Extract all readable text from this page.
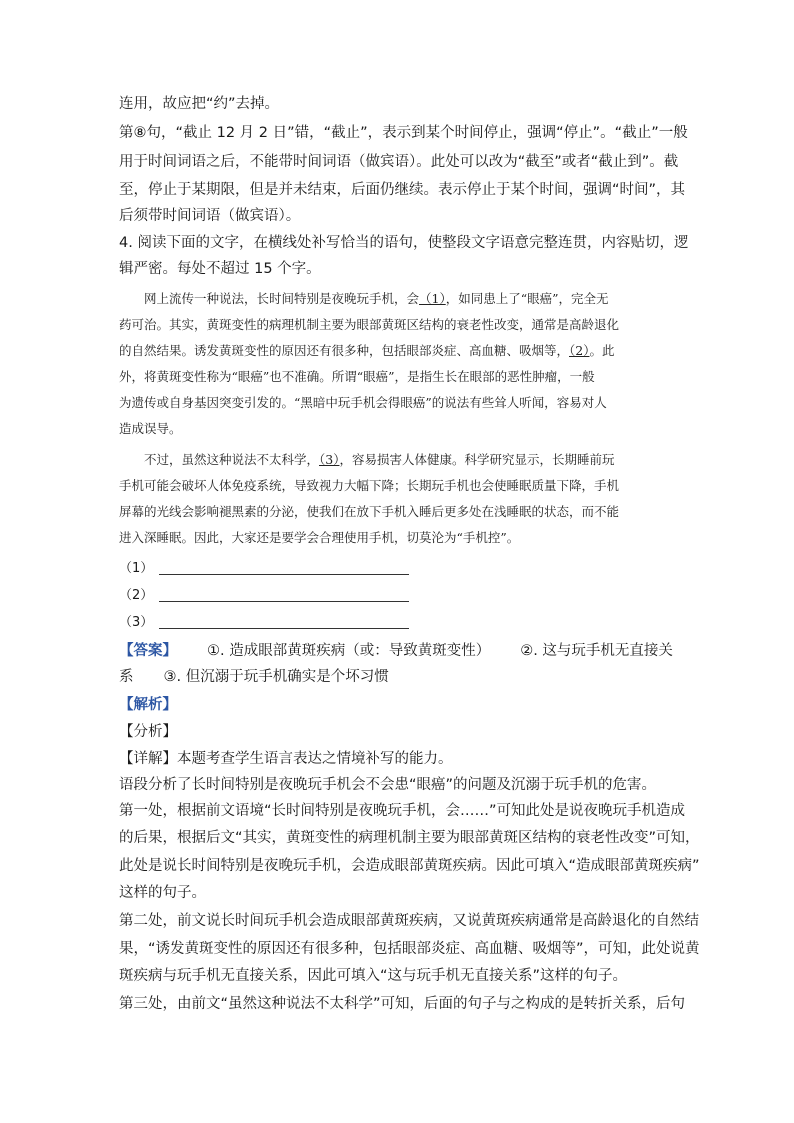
连用，故应把“约”去掉。
第⑧句，“截止 12 月 2 日”错，“截止”，表示到某个时间停止，强调“停止”。“截止”一般
用于时间词语之后，不能带时间词语（做宾语）。此处可以改为“截至”或者“截止到”。截
至，停止于某期限，但是并未结束，后面仍继续。表示停止于某个时间，强调“时间”，其
后须带时间词语（做宾语）。
4. 阅读下面的文字，在横线处补写恰当的语句，使整段文字语意完整连贯，内容贴切，逻
辑严密。每处不超过 15 个字。
　　网上流传一种说法，长时间特别是夜晚玩手机，会（1），如同患上了“眼癌”，完全无
药可治。其实，黄斑变性的病理机制主要为眼部黄斑区结构的衰老性改变，通常是高龄退化
的自然结果。诱发黄斑变性的原因还有很多种，包括眼部炎症、高血糖、吸烟等，（2）。此
外，将黄斑变性称为“眼癌”也不准确。所谓“眼癌”，是指生长在眼部的恶性肿瘤，一般
为遗传或自身基因突变引发的。“黑暗中玩手机会得眼癌”的说法有些耸人听闻，容易对人
造成误导。
　　不过，虽然这种说法不太科学，（3），容易损害人体健康。科学研究显示，长期睡前玩
手机可能会破坏人体免疫系统，导致视力大幅下降；长期玩手机也会使睡眠质量下降，手机
屏幕的光线会影响褪黑素的分泌，使我们在放下手机入睡后更多处在浅睡眠的状态，而不能
进入深睡眠。因此，大家还是要学会合理使用手机，切莫沦为“手机控”。
（1）
（2）
（3）
【答案】 ①. 造成眼部黄斑疾病（或：导致黄斑变性） ②. 这与玩手机无直接关
系 ③. 但沉溺于玩手机确实是个坏习惯
【解析】
【分析】
【详解】本题考查学生语言表达之情境补写的能力。
语段分析了长时间特别是夜晚玩手机会不会患“眼癌”的问题及沉溺于玩手机的危害。
第一处，根据前文语境“长时间特别是夜晚玩手机，会……”可知此处是说夜晚玩手机造成
的后果，根据后文“其实，黄斑变性的病理机制主要为眼部黄斑区结构的衰老性改变”可知，
此处是说长时间特别是夜晚玩手机，会造成眼部黄斑疾病。因此可填入“造成眼部黄斑疾病”
这样的句子。
第二处，前文说长时间玩手机会造成眼部黄斑疾病，又说黄斑疾病通常是高龄退化的自然结
果，“诱发黄斑变性的原因还有很多种，包括眼部炎症、高血糖、吸烟等”，可知，此处说黄
斑疾病与玩手机无直接关系，因此可填入“这与玩手机无直接关系”这样的句子。
第三处，由前文“虽然这种说法不太科学”可知，后面的句子与之构成的是转折关系，后句
